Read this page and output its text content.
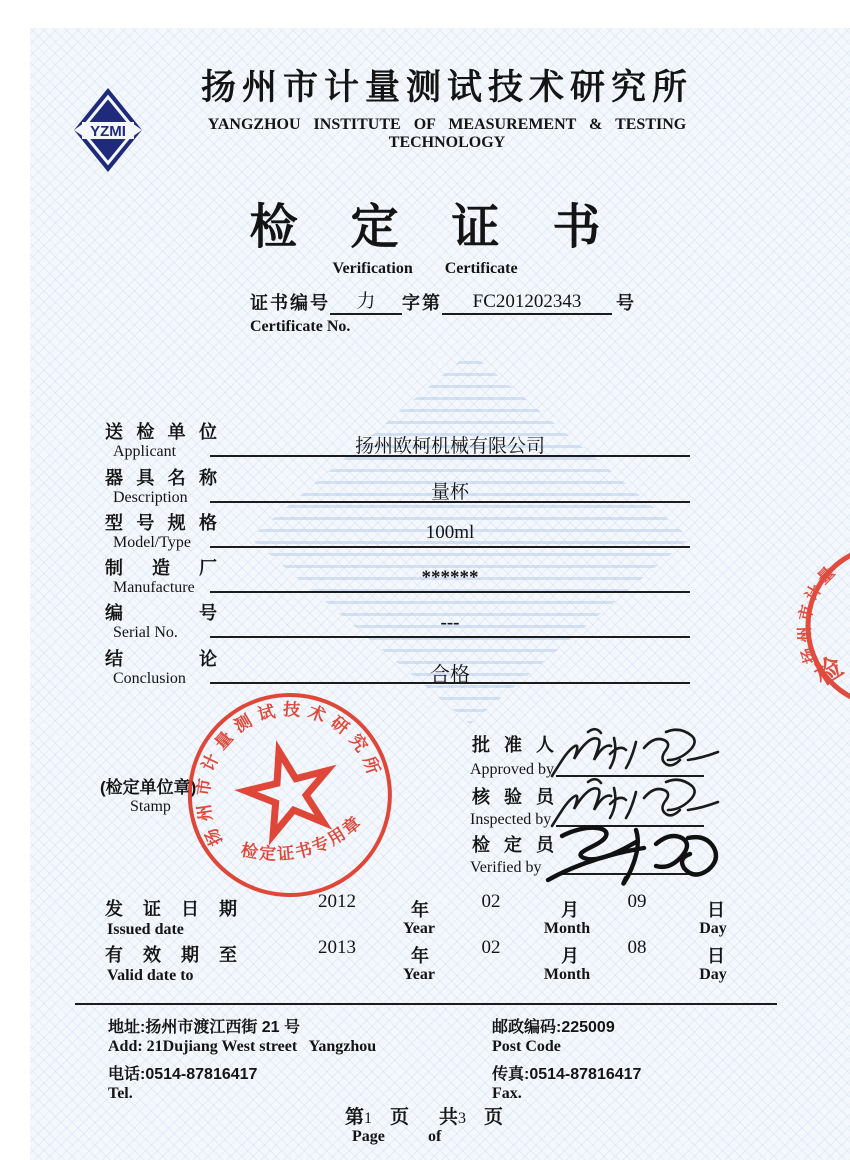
YZMI
扬州市计量测试技术研究所
YANGZHOU INSTITUTE OF MEASUREMENT & TESTING TECHNOLOGY
检定证书
Verification Certificate
证书编号	力	字第	FC201202343	号
Certificate No.
送检单位
Applicant	扬州欧柯机械有限公司
器具名称
Description	量杯
型号规格
Model/Type	100ml
制造厂
Manufacture	******
编号
Serial No.	---
结论
Conclusion	合格
(检定单位章)
Stamp
扬州市计量测试技术研究所
检定证书专用章
扬州市计量
检
批准人
Approved by
核验员
Inspected by
检定员
Verified by
发证日期
Issued date
2012	年	02	月	09	日
Year	Month	Day
有效期至
Valid date to
2013	年	02	月	08	日
Year	Month	Day
地址:扬州市渡江西街 21 号
Add: 21Dujiang West street   Yangzhou
电话:0514-87816417
Tel.
邮政编码:225009
Post Code
传真:0514-87816417
Fax.
第 1 页 共 3 页
Page	of
